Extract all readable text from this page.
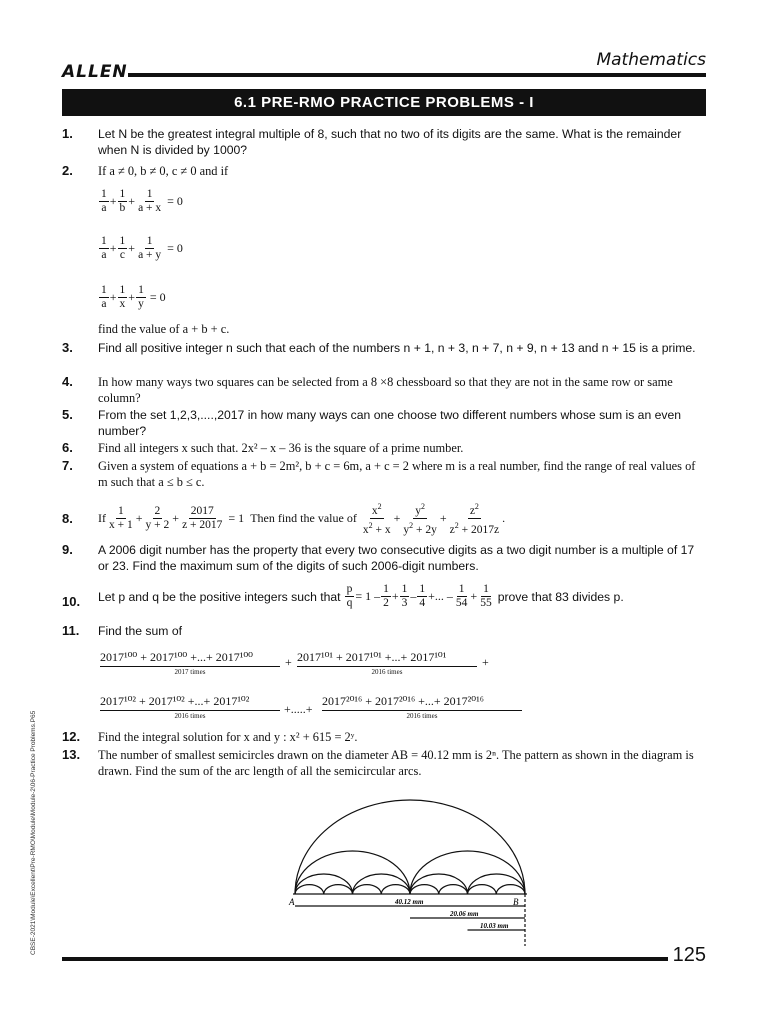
Mathematics
ALLEN
6.1 PRE-RMO PRACTICE PROBLEMS - I
CBSE-2021\Module\Excellent\Pre-RMO\Module\Module-2\06-Practice Problems.P65
1. Let N be the greatest integral multiple of 8, such that no two of its digits are the same. What is the remainder when N is divided by 1000?
2. If a ≠ 0, b ≠ 0, c ≠ 0 and if
$\frac{1}{a} + \frac{1}{b} + \frac{1}{a + x} = 0$
$\frac{1}{a} + \frac{1}{c} + \frac{1}{a + y} = 0$
$\frac{1}{a} + \frac{1}{x} + \frac{1}{y} = 0$
find the value of a + b + c.
3. Find all positive integer n such that each of the numbers n + 1, n + 3, n + 7, n + 9, n + 13 and n + 15 is a prime.
4. In how many ways two squares can be selected from a 8 ×8 chessboard so that they are not in the same row or same column?
5. From the set 1,2,3,....,2017 in how many ways can one choose two different numbers whose sum is an even number?
6. Find all integers x such that. 2x² – x – 36 is the square of a prime number.
7. Given a system of equations a + b = 2m², b + c = 6m, a + c = 2 where m is a real number, find the range of real values of m such that a ≤ b ≤ c.
8. If $\frac{1}{x + 1} + \frac{2}{y + 2} + \frac{2017}{z + 2017} = 1$ Then find the value of
$\frac{x^2}{x^2 + x} + \frac{y^2}{y^2 + 2y} + \frac{z^2}{z^2 + 2017z}$ .
9. A 2006 digit number has the property that every two consecutive digits as a two digit number is a multiple of 17 or 23. Find the maximum sum of the digits of such 2006-digit numbers.
10. Let p and q be the positive integers such that
$\frac{p}{q} = 1 - \frac{1}{2} + \frac{1}{3} - \frac{1}{4}$ +... – $\frac{1}{54} + \frac{1}{55}$
prove that 83 divides p.
11. Find the sum of
2017¹⁰⁰ + 2017¹⁰⁰ +...+ 2017¹⁰⁰
2017 times
+ 2017¹⁰¹ + 2017¹⁰¹ +...+ 2017¹⁰¹
2016 times
+
2017¹⁰² + 2017¹⁰² +...+ 2017¹⁰²
2016 times	+.....+
2017²⁰¹⁶ + 2017²⁰¹⁶ +...+ 2017²⁰¹⁶
2016 times
12. Find the integral solution for x and y : x² + 615 = 2ʸ.
13. The number of smallest semicircles drawn on the diameter AB = 40.12 mm is 2ⁿ. The pattern as shown in the diagram is drawn. Find the sum of the arc length of all the semicircular arcs.
A	B
40.12 mm
20.06 mm
10.03 mm
125
